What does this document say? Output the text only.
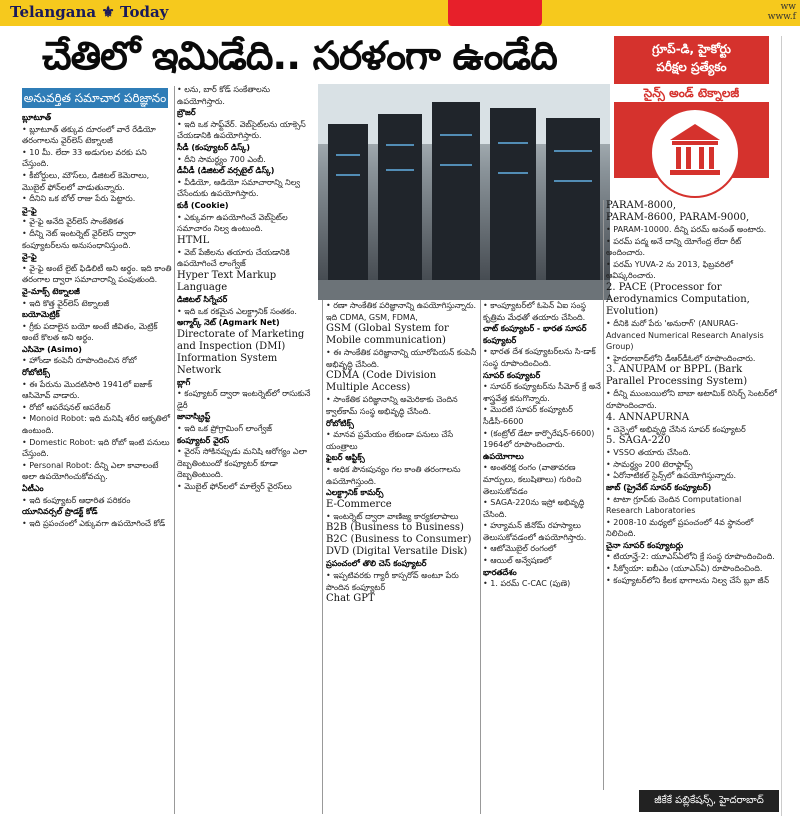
Telangana ⚜ Today	ww
www.f
చేతిలో ఇమిడేది.. సరళంగా ఉండేది	గ్రూప్-డి, హైకోర్టు
పరీక్షల ప్రత్యేకం
సైన్స్ అండ్ టెక్నాలజీ
అనువర్తిత సమాచార పరిజ్ఞానం

బ్లూటూత్

• బ్లూటూత్ తక్కువ దూరంలో వారే రేడియో తరంగాలను వైర్‌లెస్ టెక్నాలజీ

• 10 మీ. లేదా 33 అడుగుల వరకు పని చేస్తుంది.

• కీబోర్డులు, మౌస్‌లు, డిజిటల్ కెమెరాలు, మొబైల్ ఫోన్‌లలో వాడుతున్నారు.

• దీనిని ఒక బోల్ రాజు పేరు పెట్టారు.

వై-ఫై

• వై-ఫై అనేది వైర్‌లెస్ సాంకేతికత

• దీన్ని నెట్ ఇంటర్నెట్ వైర్‌లెస్ ద్వారా కంప్యూటర్‌లను అనుసంధానిస్తుంది.

వై-ఫై

• వై-ఫై అంటే లైట్ ఫిడిలిటీ అని అర్థం. ఇది కాంతి తరంగాల ద్వారా సమాచారాన్ని పంపుతుంది.

వై-మాక్స్ టెక్నాలజీ

• ఇది కొత్త వైర్‌లెస్ టెక్నాలజీ

బయోమెట్రిక్

• గ్రీకు పదాలైన బయో అంటే జీవితం, మెట్రిక్ అంటే కొలత అని అర్థం.

ఎసిమో (Asimo)

• హోండా కంపెనీ రూపొందించిన రోబో

రోబోటిక్స్

• ఈ పేరును మొదటిసారి 1941లో ఐజాక్ ఆసిమోవ్ వాడారు.

• రోబో ఆపరేషనల్ ఆపరేటర్

• Monoid Robot: ఇది మనిషి శరీర ఆకృతిలో ఉంటుంది.

• Domestic Robot: ఇది రోబో ఇంటి పనులు చేస్తుంది.

• Personal Robot: దీన్ని ఎలా కావాలంటే అలా ఉపయోగించుకోవచ్చు.

ఏటీఎం

• ఇది కంప్యూటర్ ఆధారిత పరికరం

యూనివర్సల్ ప్రొడక్ట్ కోడ్

• ఇది ప్రపంచంలో ఎక్కువగా ఉపయోగించే కోడ్

• లను, బార్ కోడ్ సంకేతాలను ఉపయోగిస్తారు.

బ్రౌజర్

• ఇది ఒక సాఫ్ట్‌వేర్. వెబ్‌సైట్‌లను యాక్సెస్ చేయడానికి ఉపయోగిస్తారు.

సీడీ (కంప్యూటర్ డిస్క్)

• దీని సామర్థ్యం 700 ఎంబీ.

డీవీడీ (డిజిటల్ వర్సటైల్ డిస్క్)

• వీడియో, ఆడియో సమాచారాన్ని నిల్వ చేసేందుకు ఉపయోగిస్తారు.

కుకీ (Cookie)

• ఎక్కువగా ఉపయోగించే వెబ్‌సైట్‌ల సమాచారం నిల్వ ఉంటుంది.

HTML

• వెబ్ పేజీలను తయారు చేయడానికి ఉపయోగించే లాంగ్వేజ్

Hyper Text Markup Language

డిజిటల్ సిగ్నేచర్

• ఇది ఒక రకమైన ఎలక్ట్రానిక్ సంతకం.

అగ్మార్క్ నెట్ (Agmark Net)

Directorate of Marketing and Inspection (DMI)

Information System Network

బ్లాగ్

• కంప్యూటర్ ద్వారా ఇంటర్నెట్‌లో రాసుకునే డైరీ

జావాస్క్రిప్ట్

• ఇది ఒక ప్రోగ్రామింగ్ లాంగ్వేజ్

కంప్యూటర్ వైరస్

• వైరస్ సోకినప్పుడు మనిషి ఆరోగ్యం ఎలా దెబ్బతింటుందో కంప్యూటర్ కూడా దెబ్బతింటుంది.

• మొబైల్ ఫోన్‌లలో మాల్వేర్ వైరస్‌లు

• రణా సాంకేతిక పరిజ్ఞానాన్ని ఉపయోగిస్తున్నారు. ఇది CDMA, GSM, FDMA,

GSM (Global System for Mobile communication)

• ఈ సాంకేతిక పరిజ్ఞానాన్ని యూరోపియన్ కంపెనీ అభివృద్ధి చేసింది.

CDMA (Code Division Multiple Access)

• సాంకేతిక పరిజ్ఞానాన్ని అమెరికాకు చెందిన క్వాల్‌కామ్ సంస్థ అభివృద్ధి చేసింది.

రోబోటిక్స్

• మానవ ప్రమేయం లేకుండా పనులు చేసే యంత్రాలు

ఫైబర్ ఆప్టిక్స్

• అధిక పౌనఃపున్యం గల కాంతి తరంగాలను ఉపయోగిస్తుంది.

ఎలక్ట్రానిక్ కామర్స్

E-Commerce

• ఇంటర్నెట్ ద్వారా వాణిజ్య కార్యకలాపాలు

B2B (Business to Business)

B2C (Business to Consumer)

DVD (Digital Versatile Disk)

ప్రపంచంలో తొలి చెస్ కంప్యూటర్

• ఇప్పటివరకు గ్యారీ కాస్పరోవ్ అంటూ పేరు పొందిన కంప్యూటర్

Chat GPT

• కాంప్యూటర్‌లో ఓపెన్ ఏఐ సంస్థ కృత్రిమ మేధతో తయారు చేసింది.

చాట్ కంప్యూటర్ - భారత సూపర్ కంప్యూటర్

• భారత దేశ కంప్యూటర్‌లను సి-డాక్ సంస్థ రూపొందించింది.

సూపర్ కంప్యూటర్

• సూపర్ కంప్యూటర్‌ను సీమోర్ క్రే అనే శాస్త్రవేత్త కనుగొన్నారు.

• మొదటి సూపర్ కంప్యూటర్ సీడీసీ-6600

• (కంట్రోల్ డేటా కార్పొరేషన్-6600) 1964లో రూపొందించారు.

ఉపయోగాలు

• అంతరిక్ష రంగం (వాతావరణ మార్పులు, కలుషితాలు) గురించి తెలుసుకోవడం

• SAGA-220ను ఇస్రో అభివృద్ధి చేసింది.

• హ్యూమన్ జీనోమ్ రహస్యాలు తెలుసుకోవడంలో ఉపయోగిస్తారు.

• ఆటోమొబైల్ రంగంలో

• ఆయిల్ అన్వేషణలో

భారతదేశం

• 1. పరమ్ C-CAC (పుణె)

PARAM-8000,

PARAM-8600, PARAM-9000,

• PARAM-10000. దీన్ని పరమ్ అనంత్ అంటారు.

• పరమ్ పద్మ అనే దాన్ని యోగేంద్ర లేదా రీట్ అందించారు.

• పరమ్ YUVA-2 ను 2013, ఫిబ్రవరిలో ఆవిష్కరించారు.

2. PACE (Processor for Aerodynamics Computation, Evolution)

• దీనికి మరో పేరు 'అనురాగ్' (ANURAG- Advanced Numerical Research Analysis Group)

• హైదరాబాద్‌లోని డీఆర్‌డీఓలో రూపొందించారు.

3. ANUPAM or BPPL (Bark Parallel Processing System)

• దీన్ని ముంబయిలోని బాబా అటామిక్ రిసెర్చ్ సెంటర్‌లో రూపొందించారు.

4. ANNAPURNA

• చెన్నైలో అభివృద్ధి చేసిన సూపర్ కంప్యూటర్

5. SAGA-220

• VSSO తయారు చేసింది.

• సామర్థ్యం 200 టెరాఫ్లాప్స్

• ఏరోనాటికల్ సైన్స్‌లో ఉపయోగిస్తున్నారు.

జాబ్ (ప్రైవేట్ సూపర్ కంప్యూటర్)

• టాటా గ్రూప్‌కు చెందిన Computational Research Laboratories

• 2008-10 మధ్యలో ప్రపంచంలో 4వ స్థానంలో నిలిచింది.

చైనా సూపర్ కంప్యూటర్లు

• టియాన్హే-2: యూఎస్ఏలోని క్రే సంస్థ రూపొందించింది.

• సీక్వోయా: ఐబీఎం (యూఎస్ఏ) రూపొందించింది.

• కంప్యూటర్‌లోని కీలక భాగాలను నిల్వ చేసే బ్లూ జీన్

జీకేకే పబ్లికేషన్స్, హైదరాబాద్
